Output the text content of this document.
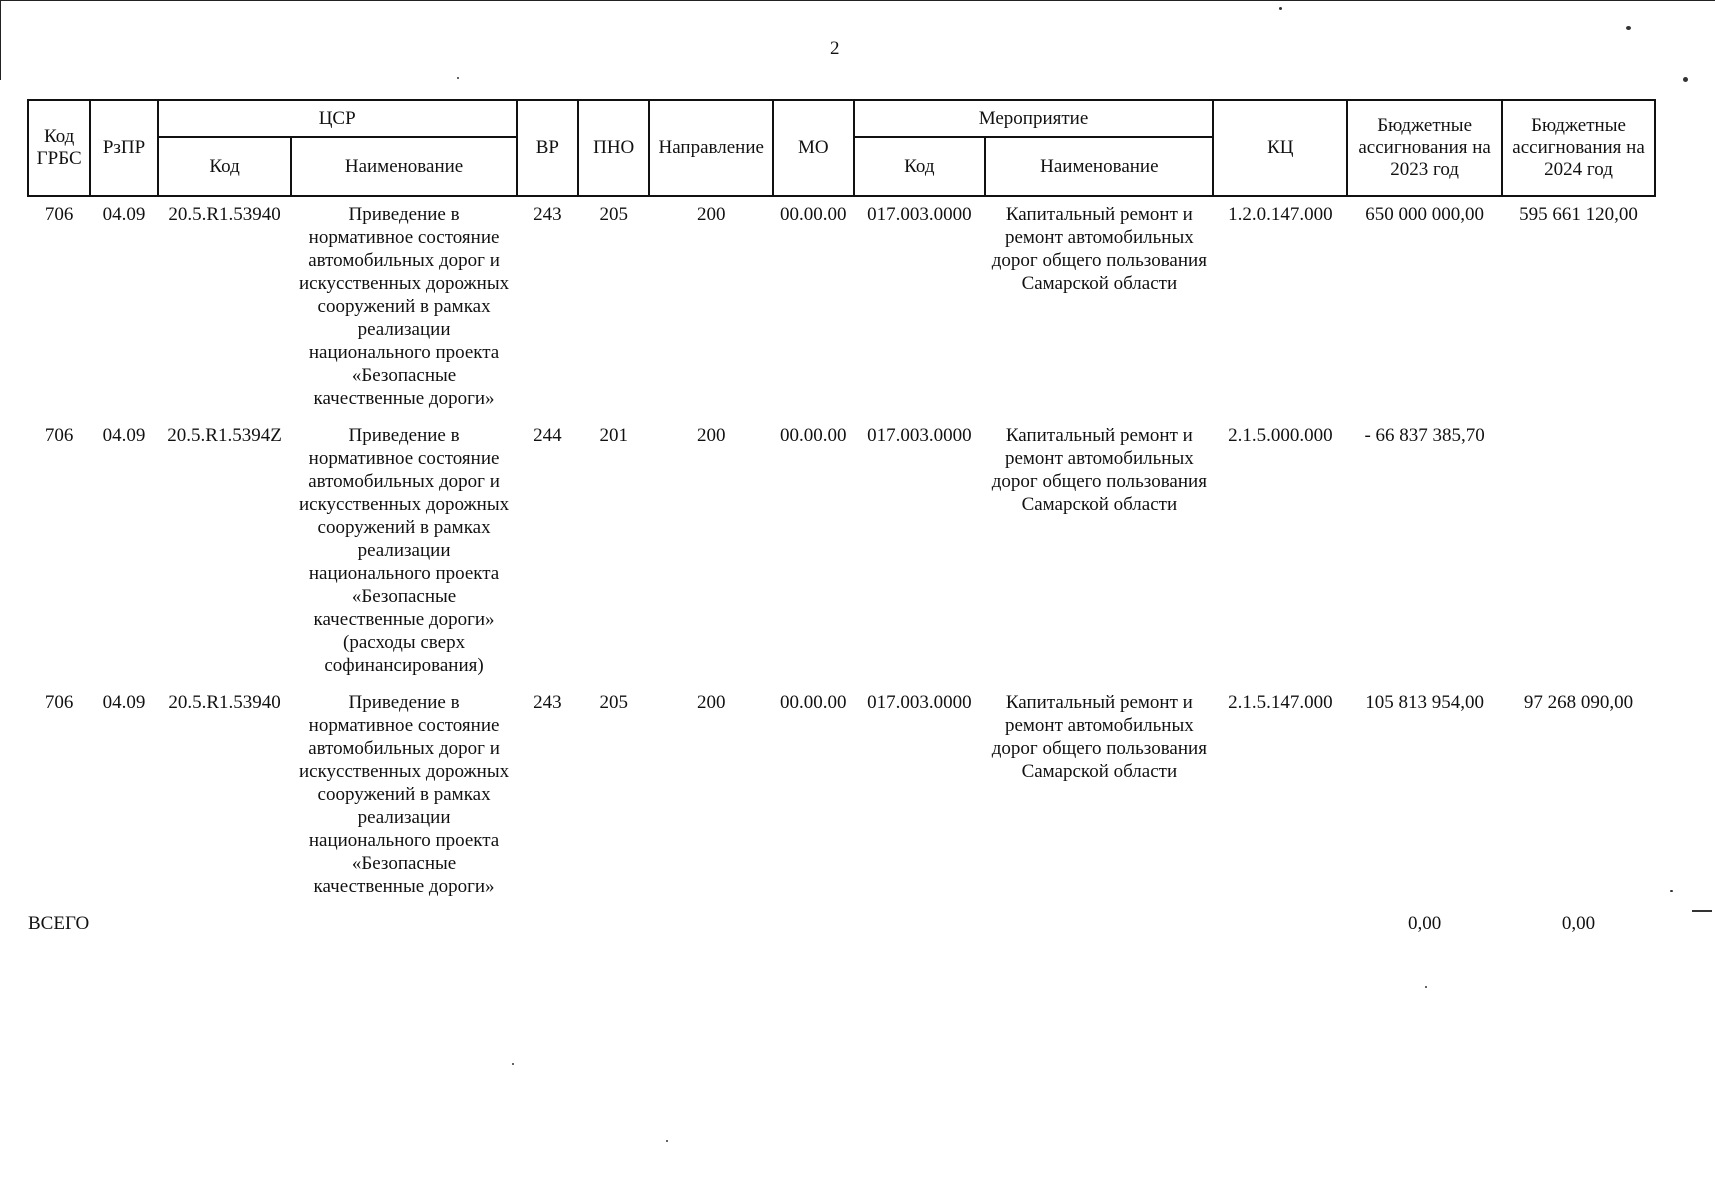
2
Код ГРБС	РзПР	ЦСР		ВР	ПНО	Направление	МО	Мероприятие		КЦ	Бюджетные ассигнования на 2023 год	Бюджетные ассигнования на 2024 год
		Код	Наименование					Код	Наименование			
706	04.09	20.5.R1.53940	Приведение в нормативное состояние автомобильных дорог и искусственных дорожных сооружений в рамках реализации национального проекта «Безопасные качественные дороги»	243	205	200	00.00.00	017.003.0000	Капитальный ремонт и ремонт автомобильных дорог общего пользования Самарской области	1.2.0.147.000	650 000 000,00	595 661 120,00
706	04.09	20.5.R1.5394Z	Приведение в нормативное состояние автомобильных дорог и искусственных дорожных сооружений в рамках реализации национального проекта «Безопасные качественные дороги» (расходы сверх софинансирования)	244	201	200	00.00.00	017.003.0000	Капитальный ремонт и ремонт автомобильных дорог общего пользования Самарской области	2.1.5.000.000	- 66 837 385,70	
706	04.09	20.5.R1.53940	Приведение в нормативное состояние автомобильных дорог и искусственных дорожных сооружений в рамках реализации национального проекта «Безопасные качественные дороги»	243	205	200	00.00.00	017.003.0000	Капитальный ремонт и ремонт автомобильных дорог общего пользования Самарской области	2.1.5.147.000	105 813 954,00	97 268 090,00
ВСЕГО											0,00	0,00
